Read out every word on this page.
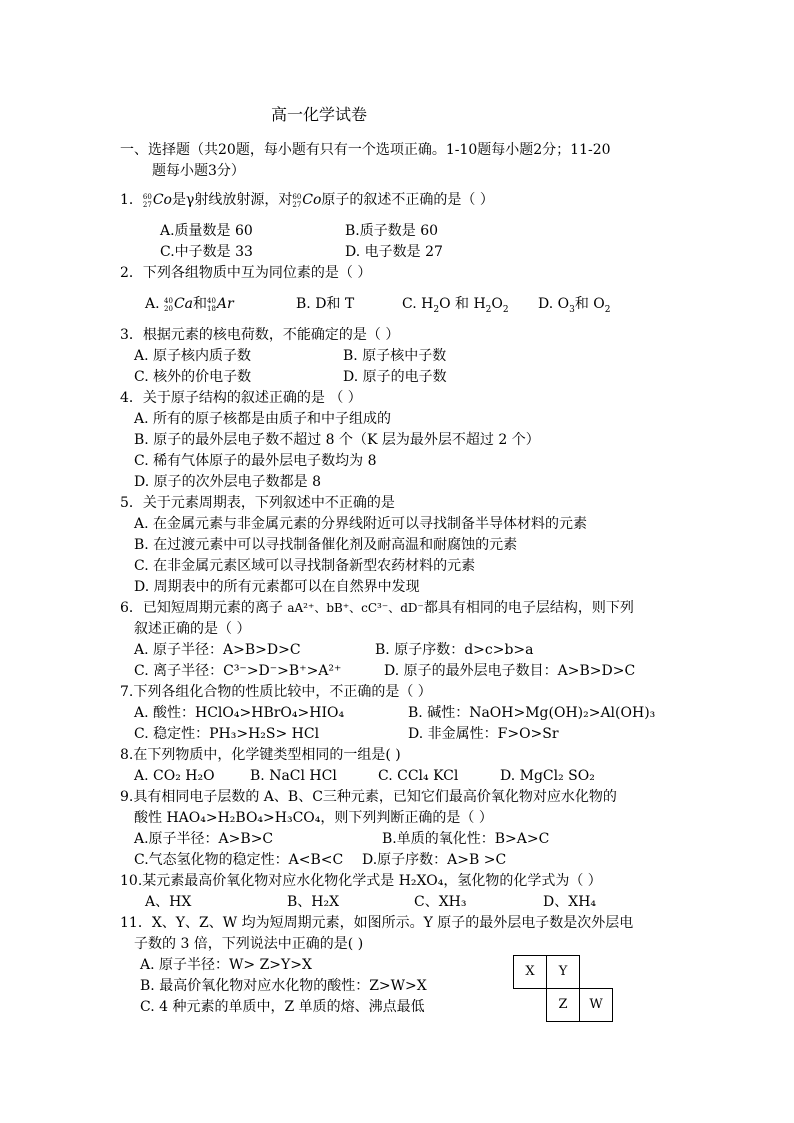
高一化学试卷
一、选择题（共20题，每小题有只有一个选项正确。1-10题每小题2分；11-20
题每小题3分）
1． 60
27 Co是γ射线放射源，对 60
27 Co原子的叙述不正确的是（ ）
A.质量数是 60	B.质子数是 60
C.中子数是 33	D. 电子数是 27
2．下列各组物质中互为同位素的是（ ）
A. 40
20 Ca和 40
18 Ar	B. D和 T	C. $H_2O$ 和 $H_2O_2$ D. $O_3$和 $O_2$
3．根据元素的核电荷数，不能确定的是（ ）
A. 原子核内质子数	B. 原子核中子数
C. 核外的价电子数	D. 原子的电子数
4．关于原子结构的叙述正确的是 （ ）
A. 所有的原子核都是由质子和中子组成的
B. 原子的最外层电子数不超过 8 个（K 层为最外层不超过 2 个）
C. 稀有气体原子的最外层电子数均为 8
D. 原子的次外层电子数都是 8
5．关于元素周期表，下列叙述中不正确的是
A. 在金属元素与非金属元素的分界线附近可以寻找制备半导体材料的元素
B. 在过渡元素中可以寻找制备催化剂及耐高温和耐腐蚀的元素
C. 在非金属元素区域可以寻找制备新型农药材料的元素
D. 周期表中的所有元素都可以在自然界中发现
6．已知短周期元素的离子 aA²⁺、bB⁺、cC³⁻、dD⁻都具有相同的电子层结构，则下列
叙述正确的是（ ）
A. 原子半径：A>B>D>C	B. 原子序数：d>c>b>a
C. 离子半径：C³⁻>D⁻>B⁺>A²⁺	D. 原子的最外层电子数目：A>B>D>C
7.下列各组化合物的性质比较中，不正确的是（ ）
A. 酸性：HClO₄>HBrO₄>HIO₄	B. 碱性：NaOH>Mg(OH)₂>Al(OH)₃
C. 稳定性：PH₃>H₂S> HCl	D. 非金属性：F>O>Sr
8.在下列物质中，化学键类型相同的一组是( )
A. CO₂ H₂O	B. NaCl HCl	C. CCl₄ KCl	D. MgCl₂ SO₂
9.具有相同电子层数的 A、B、C三种元素，已知它们最高价氧化物对应水化物的
酸性 HAO₄>H₂BO₄>H₃CO₄，则下列判断正确的是（ ）
A.原子半径：A>B>C	B.单质的氧化性：B>A>C
C.气态氢化物的稳定性：A<B<C D.原子序数：A>B >C
10.某元素最高价氧化物对应水化物化学式是 H₂XO₄，氢化物的化学式为（ ）
A、HX	B、H₂X	C、XH₃	D、XH₄
11．X、Y、Z、W 均为短周期元素，如图所示。Y 原子的最外层电子数是次外层电
子数的 3 倍，下列说法中正确的是( )
A. 原子半径：W> Z>Y>X
B. 最高价氧化物对应水化物的酸性：Z>W>X
C. 4 种元素的单质中，Z 单质的熔、沸点最低
X	Y
Z	W
